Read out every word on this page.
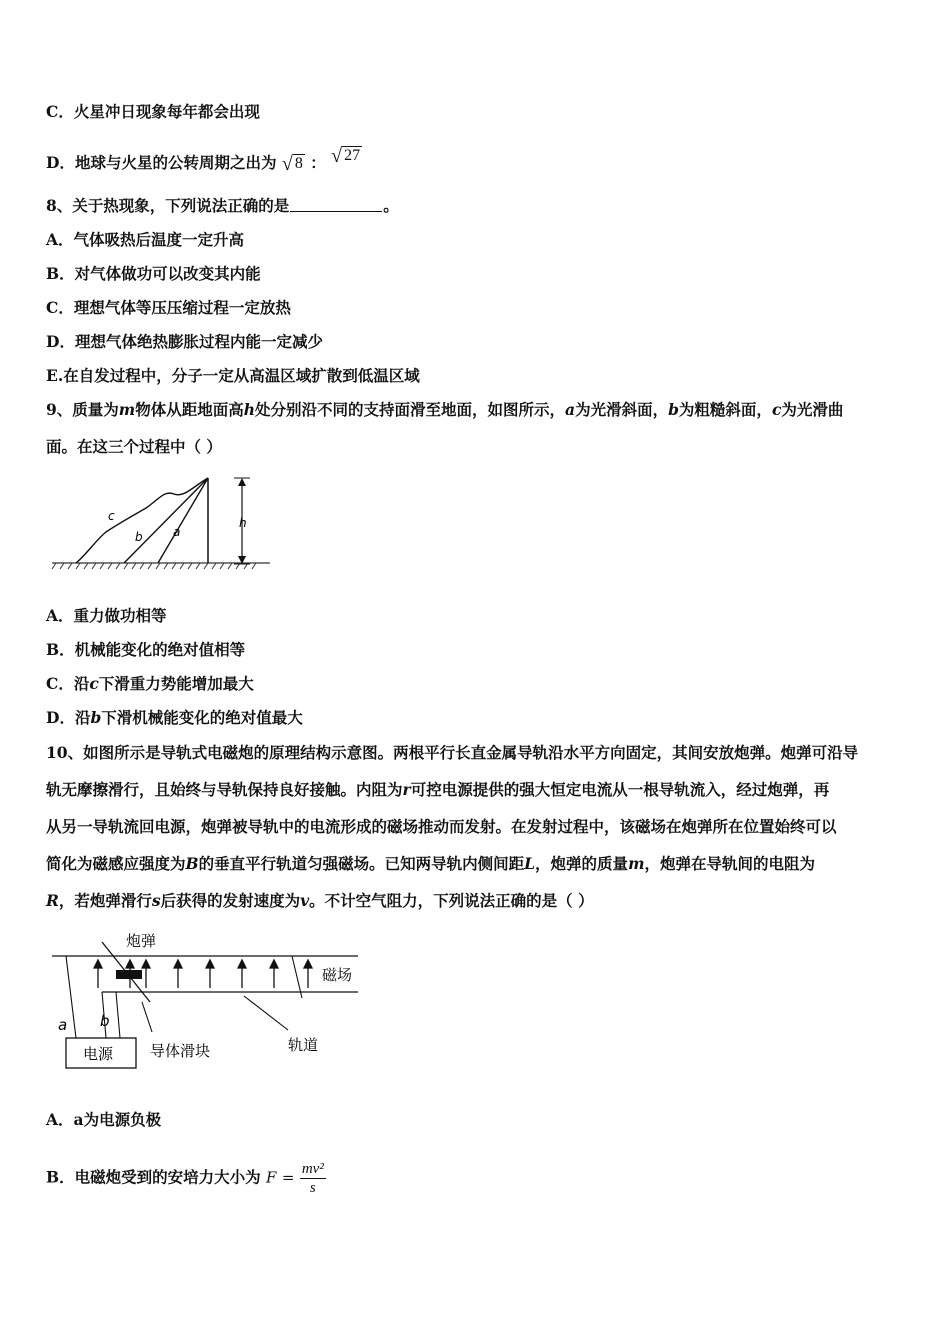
C．火星冲日现象每年都会出现
D．地球与火星的公转周期之出为 √ 8 ： √ 27
8、关于热现象，下列说法正确的是	。
A．气体吸热后温度一定升高
B．对气体做功可以改变其内能
C．理想气体等压压缩过程一定放热
D．理想气体绝热膨胀过程内能一定减少
E.在自发过程中，分子一定从高温区域扩散到低温区域
9、质量为m物体从距地面高h处分别沿不同的支持面滑至地面，如图所示，a为光滑斜面，b为粗糙斜面，c为光滑曲
面。在这三个过程中（ ）
c
b	a
h
A．重力做功相等
B．机械能变化的绝对值相等
C．沿c下滑重力势能增加最大
D．沿b下滑机械能变化的绝对值最大
10、如图所示是导轨式电磁炮的原理结构示意图。两根平行长直金属导轨沿水平方向固定，其间安放炮弹。炮弹可沿导
轨无摩擦滑行，且始终与导轨保持良好接触。内阻为r可控电源提供的强大恒定电流从一根导轨流入，经过炮弹，再
从另一导轨流回电源，炮弹被导轨中的电流形成的磁场推动而发射。在发射过程中，该磁场在炮弹所在位置始终可以
简化为磁感应强度为B的垂直平行轨道匀强磁场。已知两导轨内侧间距L，炮弹的质量m，炮弹在导轨间的电阻为
R，若炮弹滑行s后获得的发射速度为v。不计空气阻力，下列说法正确的是（ ）
电源
炮弹
磁场
导体滑块	轨道
a b
A．a为电源负极
B．电磁炮受到的安培力大小为 $F = \frac{\text{mv²}}{s}$
